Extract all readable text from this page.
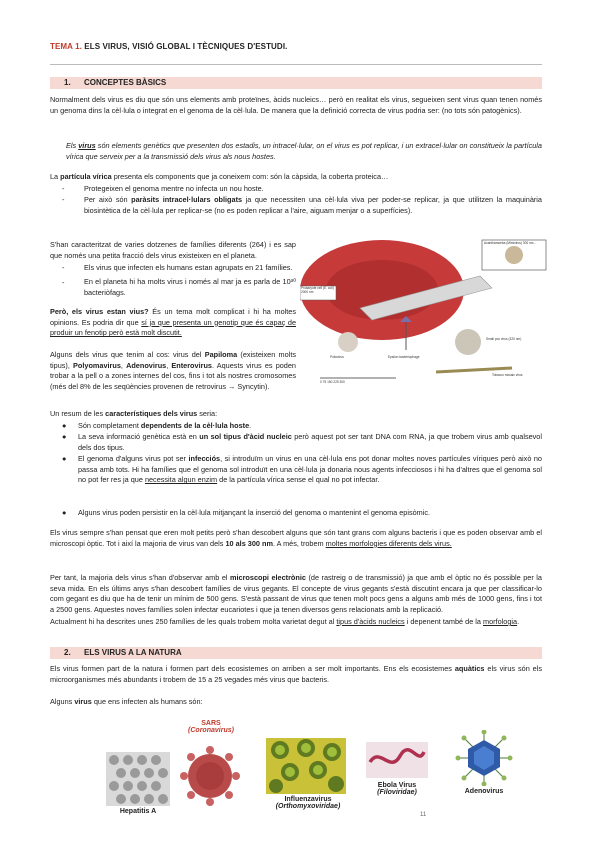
TEMA 1. ELS VIRUS, VISIÓ GLOBAL I TÈCNIQUES D'ESTUDI.
1. CONCEPTES BÀSICS
Normalment dels virus es diu que són uns elements amb proteïnes, àcids nucleics… però en realitat els virus, segueixen sent virus quan tenen només un genoma dins la cèl·lula o integrat en el genoma de la cèl·lula. De manera que la definició correcta de virus podria ser: (no tots són patogènics).
Els virus són elements genètics que presenten dos estadis, un intracel·lular, on el virus es pot replicar, i un extracel·lular on constitueix la partícula vírica que serveix per a la transmissió dels virus als nous hostes.
La partícula vírica presenta els components que ja coneixem com: són la càpsida, la coberta proteica…
-	Protegeixen el genoma mentre no infecta un nou hoste.
-	Per això són paràsits intracel·lulars obligats ja que necessiten una cèl·lula viva per poder-se replicar, ja que utilitzen la maquinària biosintètica de la cèl·lula per replicar-se (no es poden replicar a l'aire, aiguam menjar o a superfícies).
S'han caracteritzat de varies dotzenes de famílies diferents (264) i es sap que només una petita fracció dels virus existeixen en el planeta.
-	Els virus que infecten els humans estan agrupats en 21 famílies.
-	En el planeta hi ha molts virus i només al mar ja es parla de 10³⁰ bacteriòfags.
Però, els virus estan vius? És un tema molt complicat i hi ha moltes opinions. Es podria dir que sí ja que presenta un genotip que és capaç de produir un fenotip però està molt discutit.
Alguns dels virus que tenim al cos: virus del Papiloma (existeixen molts tipus), Polyomavirus, Adenovirus, Enterovirus. Aquests virus es poden trobar a la pell o a zones internes del cos, fins i tot als nostres cromosomes (més del 8% de les seqüències provenen de retrovirus → Syncytin).
Acanthamoeba (Mimivirus) 300 nm…
Prokaryote cell (E. coli) 2000 nm
Epsilon bacteriophage
Small pox virus (320 nm)
Poliovirus
Tobacco mosaic virus
0 75 150 225 300
Un resum de les característiques dels virus seria:
● Són completament dependents de la cèl·lula hoste.
● La seva informació genètica està en un sol tipus d'àcid nucleic però aquest pot ser tant DNA com RNA, ja que trobem virus amb qualsevol dels dos tipus.
● El genoma d'alguns virus pot ser infecciós, si introduïm un virus en una cèl·lula ens pot donar moltes noves partícules víriques però això no passa amb tots. Hi ha famílies que el genoma sol introduït en una cèl·lula ja donaria nous agents infecciosos i hi ha d'altres que el genoma sol no pot fer res ja que necessita algun enzim de la partícula vírica sense el qual no pot infectar.
● Alguns virus poden persistir en la cèl·lula mitjançant la inserció del genoma o mantenint el genoma episòmic.
Els virus sempre s'han pensat que eren molt petits però s'han descobert alguns que són tant grans com alguns bacteris i que es poden observar amb el microscopi òptic. Tot i així la majoria de virus van dels 10 als 300 nm. A més, trobem moltes morfologies diferents dels virus.
Per tant, la majoria dels virus s'han d'observar amb el microscopi electrònic (de rastreig o de transmissió) ja que amb el òptic no és possible per la seva mida. En els últims anys s'han descobert famílies de virus gegants. El concepte de virus gegants s'està discutint encara ja que per classificar-lo com gegant es diu que ha de tenir un mínim de 500 gens. S'està passant de virus que tenen molt pocs gens a alguns amb més de 1000 gens, fins i tot a 2500 gens. Aquestes noves famílies solen infectar eucariotes i que ja tenen diversos gens relacionats amb la replicació.
Actualment hi ha descrites unes 250 famílies de les quals trobem molta varietat degut al tipus d'àcids nucleics i depenent també de la morfologia.
2. ELS VIRUS A LA NATURA
Els virus formen part de la natura i formen part dels ecosistemes on arriben a ser molt importants. Ens els ecosistemes aquàtics els virus són els microorganismes més abundants i trobem de 15 a 25 vegades més virus que bacteris.
Alguns virus que ens infecten als humans són:
Hepatitis A
SARS
(Coronavirus)
Influenzavirus
(Orthomyxoviridae)
Ebola Virus
(Filoviridae)	Adenovirus
11
